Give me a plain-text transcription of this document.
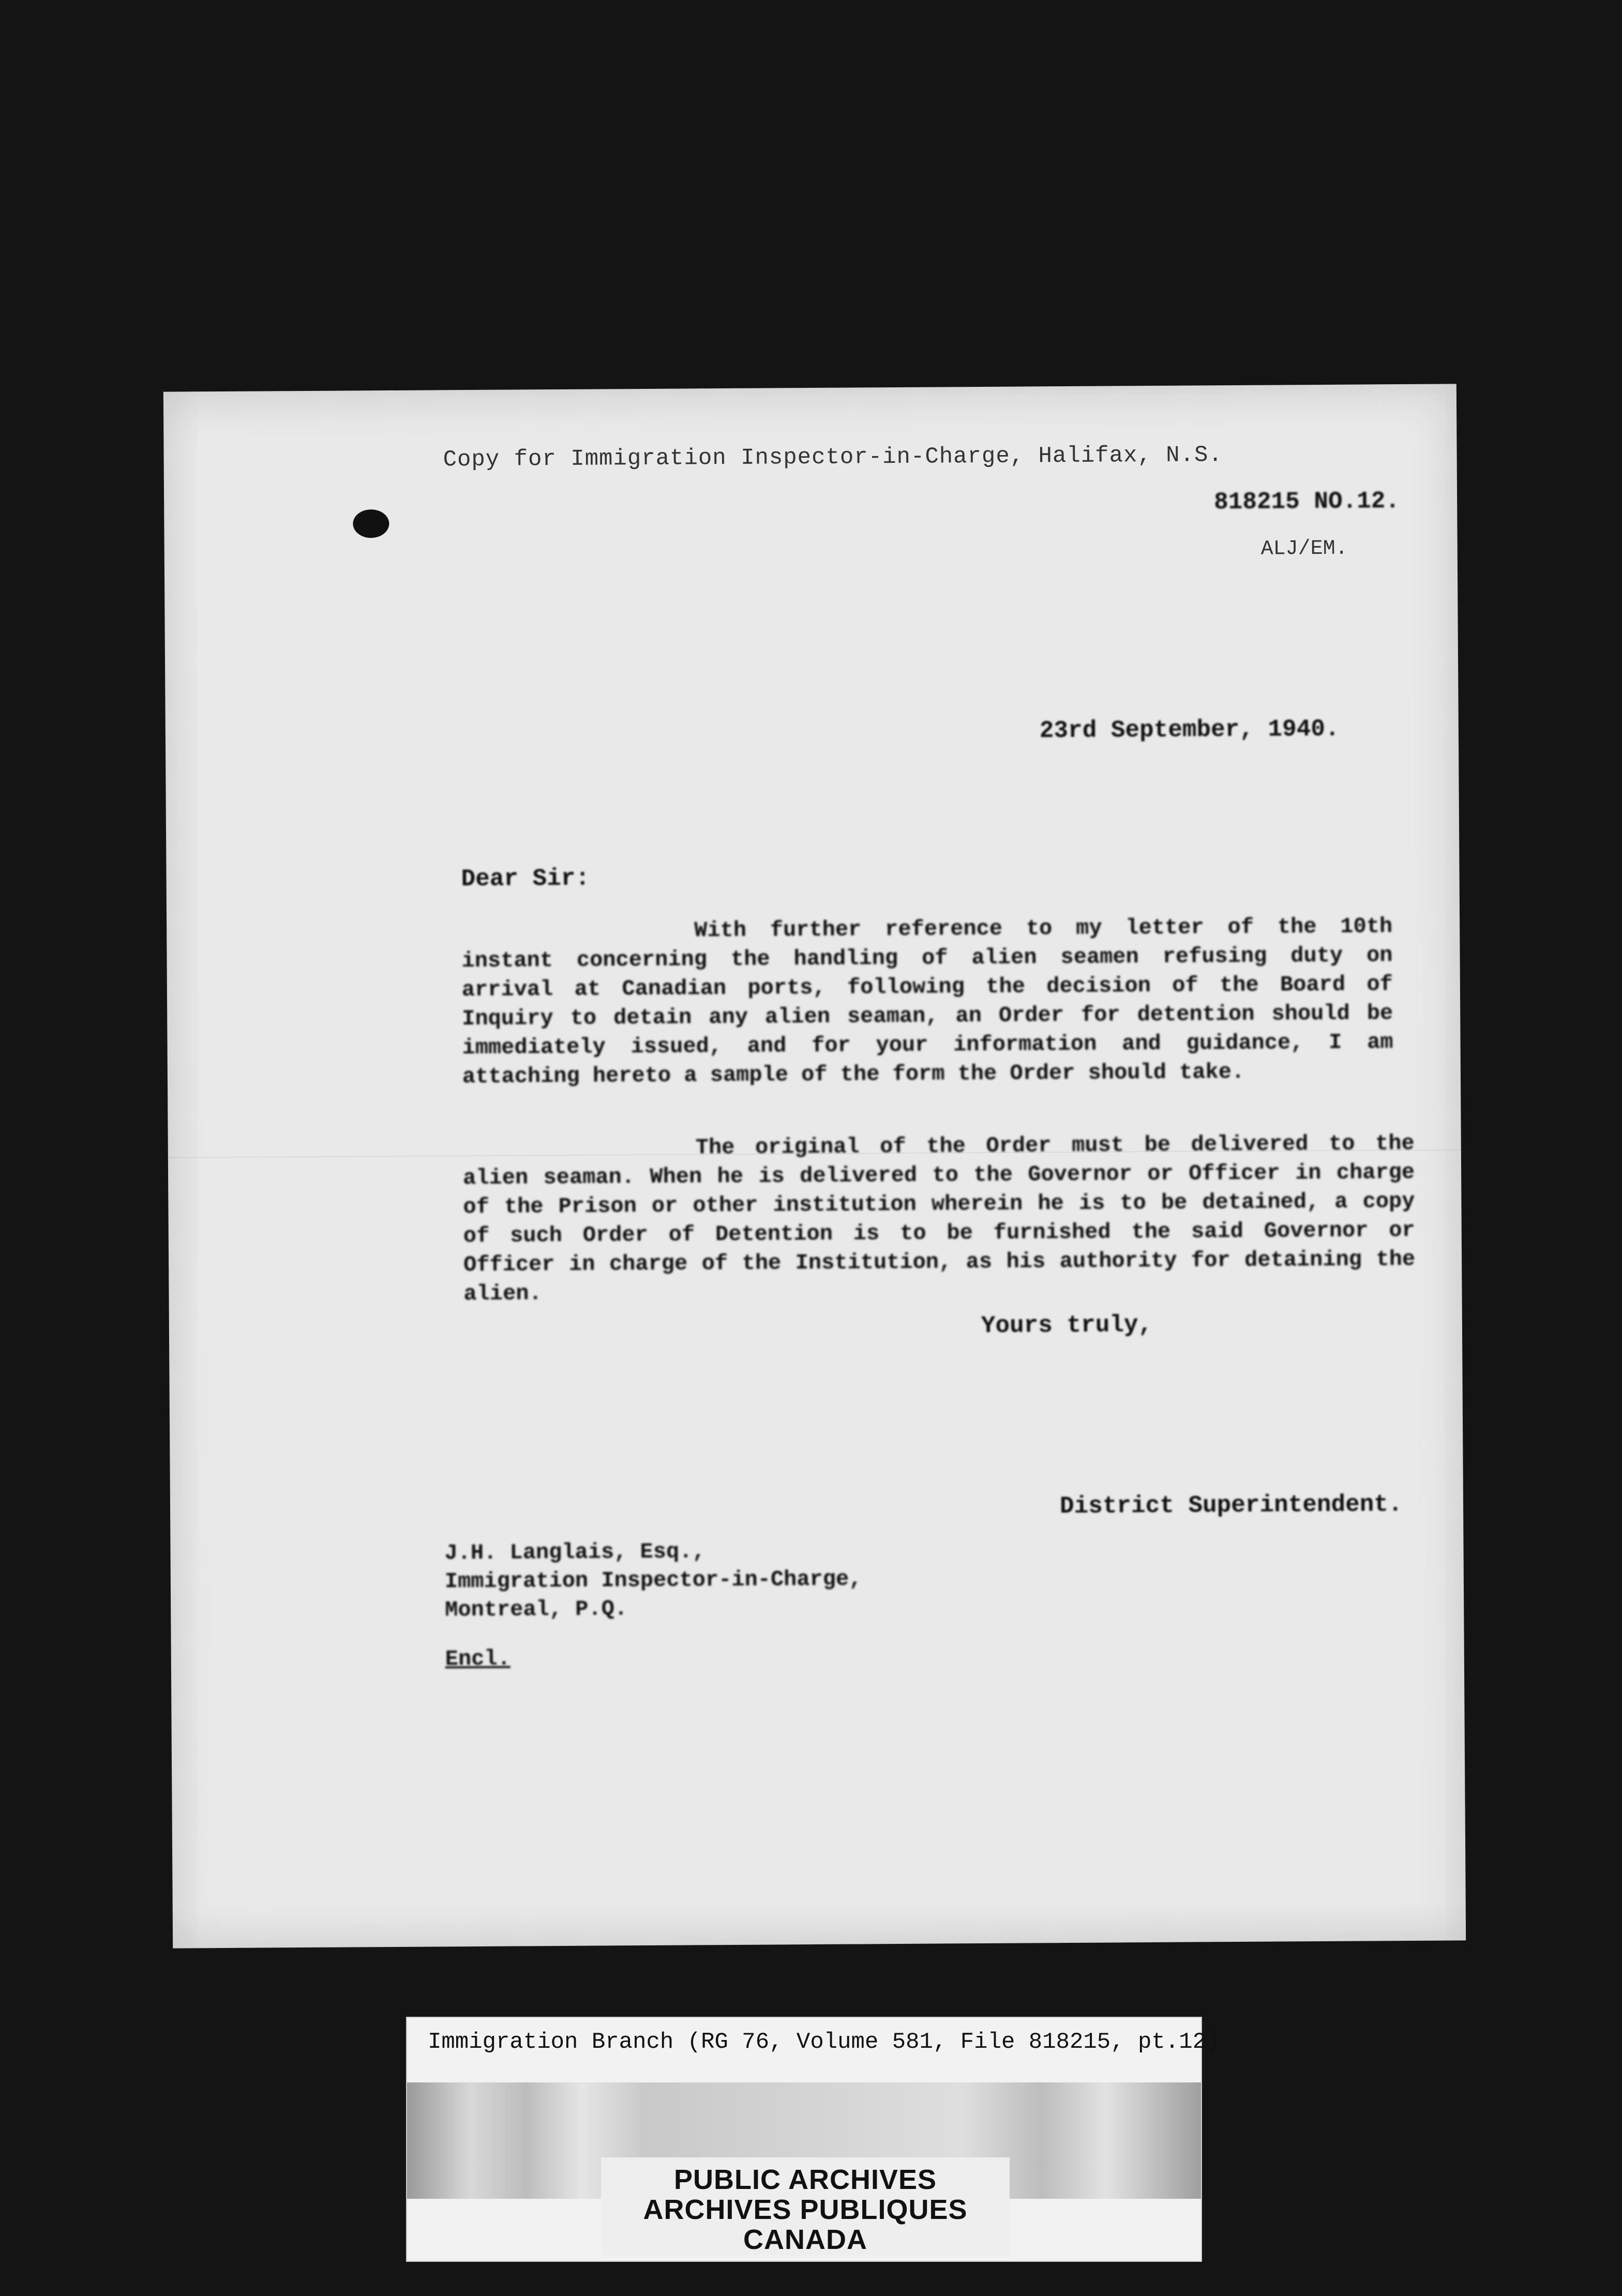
Copy for Immigration Inspector-in-Charge, Halifax, N.S.
818215 NO.12.
ALJ/EM.
23rd September, 1940.
Dear Sir:
With further reference to my letter of the 10th instant concerning the handling of alien seamen refusing duty on arrival at Canadian ports, following the decision of the Board of Inquiry to detain any alien seaman, an Order for detention should be immediately issued, and for your information and guidance, I am attaching hereto a sample of the form the Order should take.
The original of the Order must be delivered to the alien seaman. When he is delivered to the Governor or Officer in charge of the Prison or other institution wherein he is to be detained, a copy of such Order of Detention is to be furnished the said Governor or Officer in charge of the Institution, as his authority for detaining the alien.
Yours truly,
District Superintendent.
J.H. Langlais, Esq.,
Immigration Inspector-in-Charge,
Montreal, P.Q.
Encl.
Immigration Branch (RG 76, Volume 581, File 818215, pt.12)
PUBLIC ARCHIVES
ARCHIVES PUBLIQUES
CANADA
